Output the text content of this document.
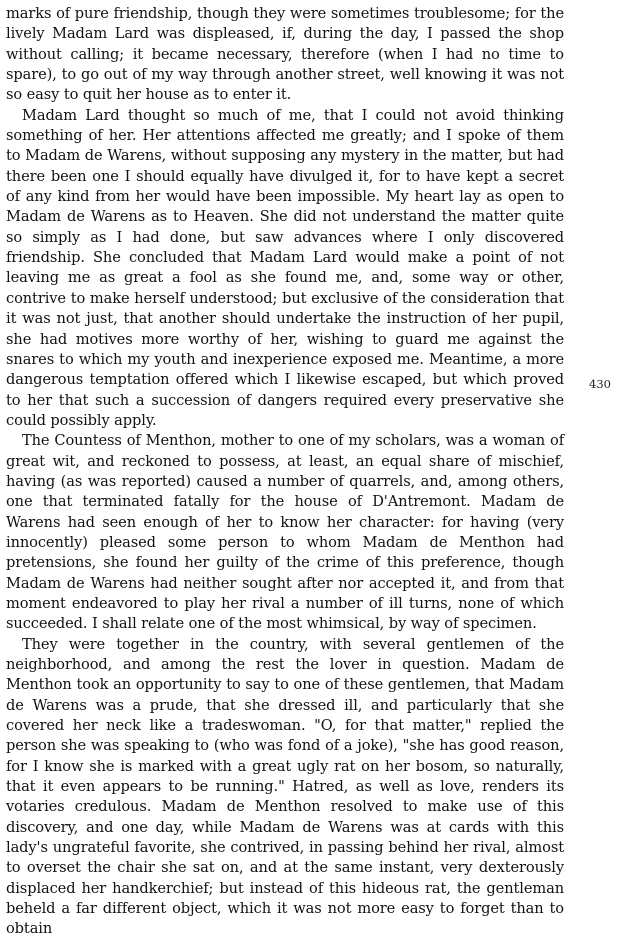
marks of pure friendship, though they were sometimes troublesome; for the lively Madam Lard was displeased, if, during the day, I passed the shop without calling; it became necessary, therefore (when I had no time to spare), to go out of my way through another street, well knowing it was not so easy to quit her house as to enter it.

Madam Lard thought so much of me, that I could not avoid thinking something of her. Her attentions affected me greatly; and I spoke of them to Madam de Warens, without supposing any mystery in the matter, but had there been one I should equally have divulged it, for to have kept a secret of any kind from her would have been impossible. My heart lay as open to Madam de Warens as to Heaven. She did not understand the matter quite so simply as I had done, but saw advances where I only discovered friendship. She concluded that Madam Lard would make a point of not leaving me as great a fool as she found me, and, some way or other, contrive to make herself understood; but exclusive of the consideration that it was not just, that another should undertake the instruction of her pupil, she had motives more worthy of her, wishing to guard me against the snares to which my youth and inexperience exposed me. Meantime, a more dangerous temptation offered which I likewise escaped, but which proved to her that such a succession of dangers required every preservative she could possibly apply.

The Countess of Menthon, mother to one of my scholars, was a woman of great wit, and reckoned to possess, at least, an equal share of mischief, having (as was reported) caused a number of quarrels, and, among others, one that terminated fatally for the house of D'Antremont. Madam de Warens had seen enough of her to know her character: for having (very innocently) pleased some person to whom Madam de Menthon had pretensions, she found her guilty of the crime of this preference, though Madam de Warens had neither sought after nor accepted it, and from that moment endeavored to play her rival a number of ill turns, none of which succeeded. I shall relate one of the most whimsical, by way of specimen.

They were together in the country, with several gentlemen of the neighborhood, and among the rest the lover in question. Madam de Menthon took an opportunity to say to one of these gentlemen, that Madam de Warens was a prude, that she dressed ill, and particularly that she covered her neck like a tradeswoman. "O, for that matter," replied the person she was speaking to (who was fond of a joke), "she has good reason, for I know she is marked with a great ugly rat on her bosom, so naturally, that it even appears to be running." Hatred, as well as love, renders its votaries credulous. Madam de Menthon resolved to make use of this discovery, and one day, while Madam de Warens was at cards with this lady's ungrateful favorite, she contrived, in passing behind her rival, almost to overset the chair she sat on, and at the same instant, very dexterously displaced her handkerchief; but instead of this hideous rat, the gentleman beheld a far different object, which it was not more easy to forget than to obtain

430
